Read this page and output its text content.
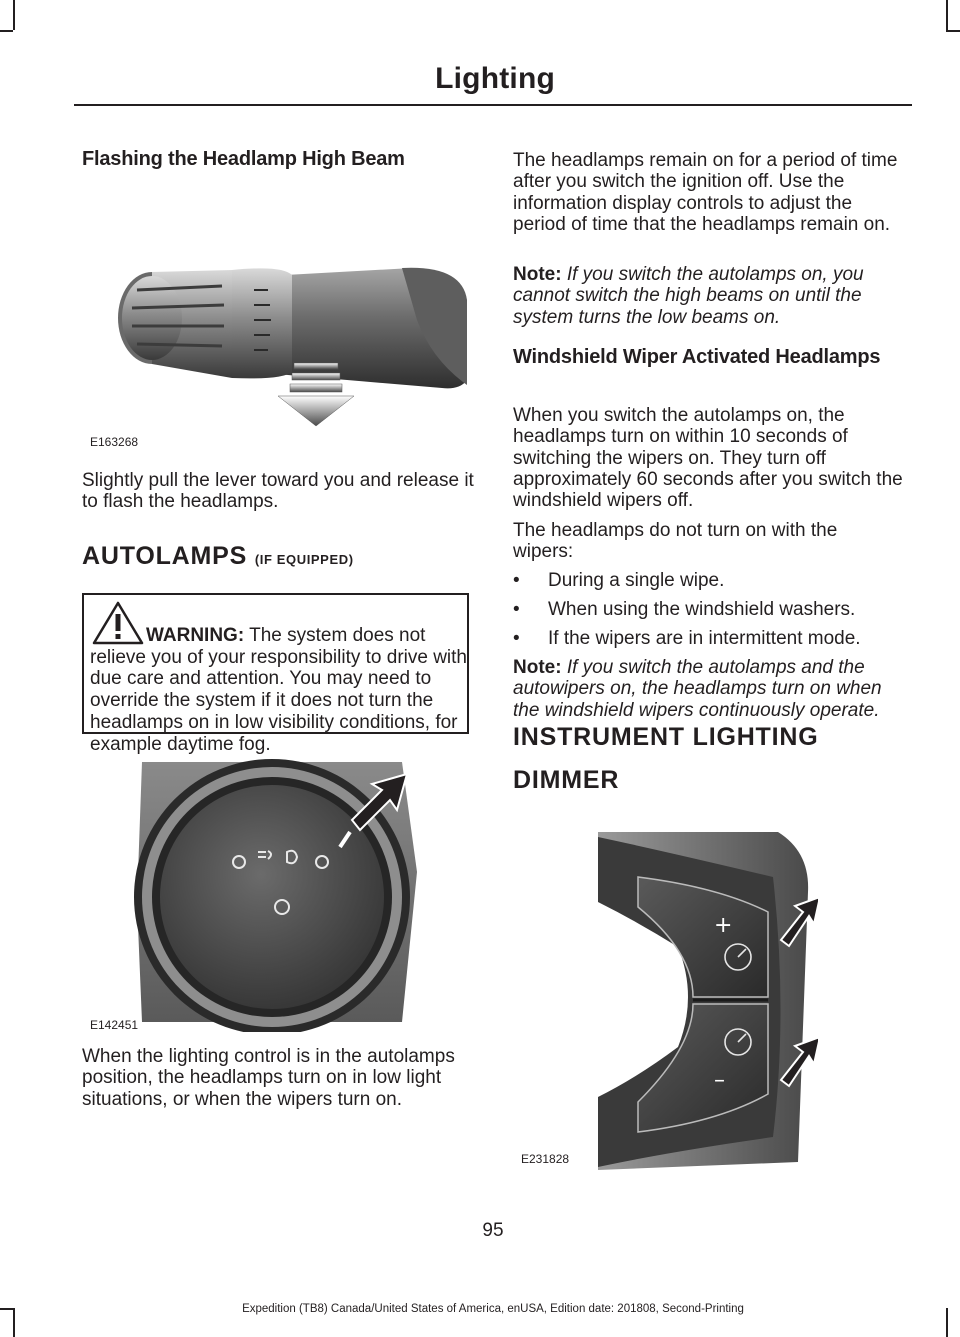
Lighting
Flashing the Headlamp High Beam
E163268

Slightly pull the lever toward you and release it to flash the headlamps.

AUTOLAMPS (IF EQUIPPED)

WARNING: The system does not relieve you of your responsibility to drive with due care and attention. You may need to override the system if it does not turn the headlamps on in low visibility conditions, for example daytime fog.

E142451

When the lighting control is in the autolamps position, the headlamps turn on in low light situations, or when the wipers turn on.

The headlamps remain on for a period of time after you switch the ignition off. Use the information display controls to adjust the period of time that the headlamps remain on.

Note: If you switch the autolamps on, you cannot switch the high beams on until the system turns the low beams on.

Windshield Wiper Activated Headlamps

When you switch the autolamps on, the headlamps turn on within 10 seconds of switching the wipers on. They turn off approximately 60 seconds after you switch the windshield wipers off.

The headlamps do not turn on with the wipers:

• During a single wipe.
• When using the windshield washers.
• If the wipers are in intermittent mode.

Note: If you switch the autolamps and the autowipers on, the headlamps turn on when the windshield wipers continuously operate.

INSTRUMENT LIGHTING
DIMMER
+
–
E231828
95
Expedition (TB8) Canada/United States of America, enUSA, Edition date: 201808, Second-Printing
